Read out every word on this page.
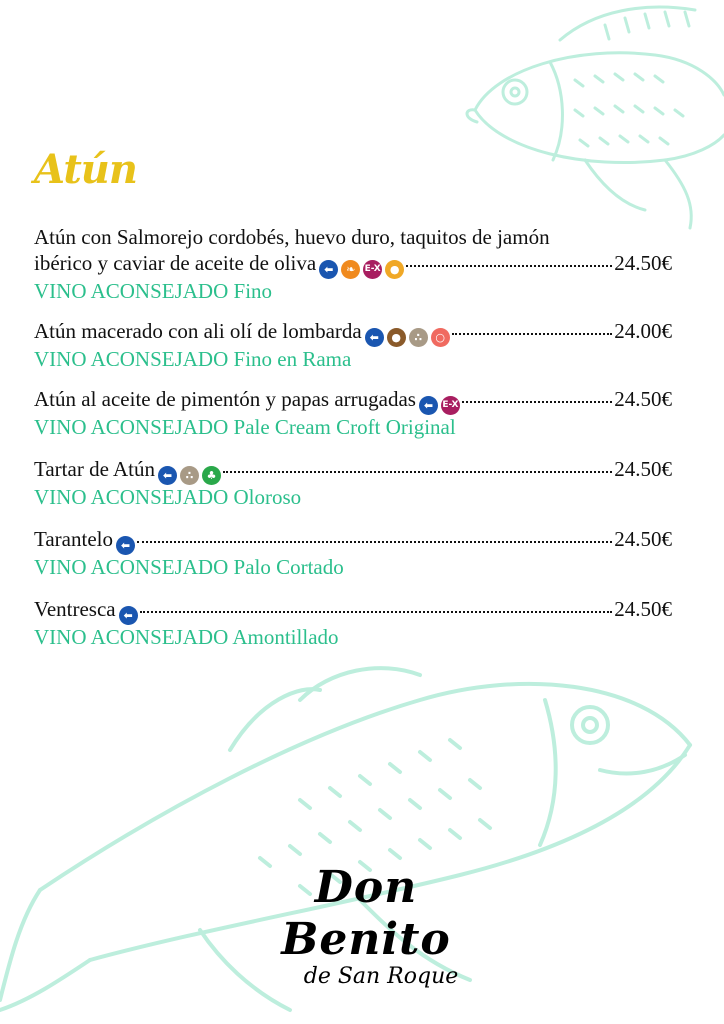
Atún
Atún con Salmorejo cordobés, huevo duro, taquitos de jamón
ibérico y caviar de aceite de oliva ⬅	❧	E-X ●	24.50€
VINO ACONSEJADO Fino
Atún macerado con ali olí de lombarda ⬅	●	∴	○	24.00€
VINO ACONSEJADO Fino en Rama
Atún al aceite de pimentón y papas arrugadas ⬅	E-X	24.50€
VINO ACONSEJADO Pale Cream Croft Original
Tartar de Atún ⬅	∴	♣	24.50€
VINO ACONSEJADO Oloroso
Tarantelo ⬅	24.50€
VINO ACONSEJADO Palo Cortado
Ventresca ⬅	24.50€
VINO ACONSEJADO Amontillado
Don Benito
de San Roque
